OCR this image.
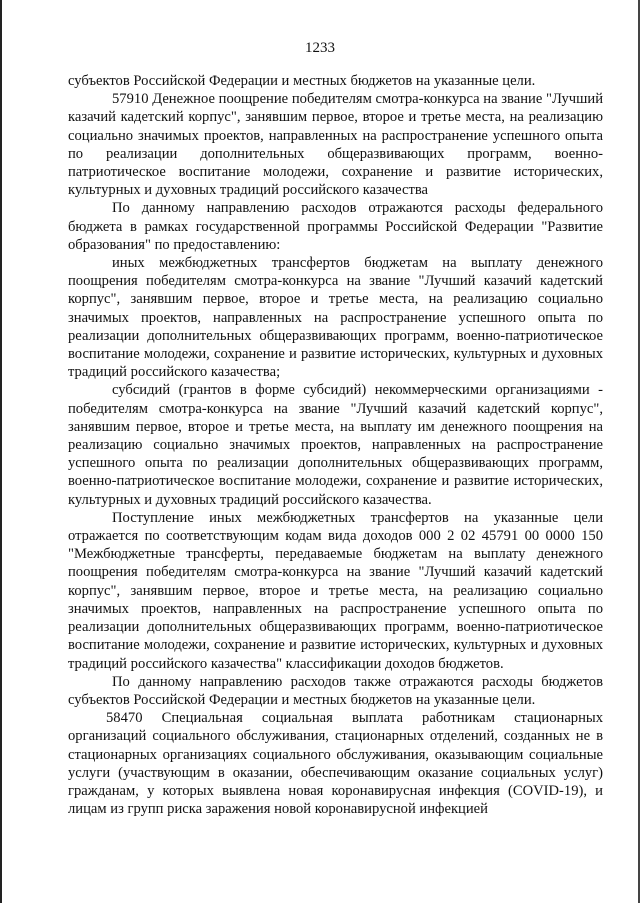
1233

субъектов Российской Федерации и местных бюджетов на указанные цели.

57910 Денежное поощрение победителям смотра-конкурса на звание "Лучший казачий кадетский корпус", занявшим первое, второе и третье места, на реализацию социально значимых проектов, направленных на распространение успешного опыта по реализации дополнительных общеразвивающих программ, военно-патриотическое воспитание молодежи, сохранение и развитие исторических, культурных и духовных традиций российского казачества

По данному направлению расходов отражаются расходы федерального бюджета в рамках государственной программы Российской Федерации "Развитие образования" по предоставлению:

иных межбюджетных трансфертов бюджетам на выплату денежного поощрения победителям смотра-конкурса на звание "Лучший казачий кадетский корпус", занявшим первое, второе и третье места, на реализацию социально значимых проектов, направленных на распространение успешного опыта по реализации дополнительных общеразвивающих программ, военно-патриотическое воспитание молодежи, сохранение и развитие исторических, культурных и духовных традиций российского казачества;

субсидий (грантов в форме субсидий) некоммерческими организациями - победителям смотра-конкурса на звание "Лучший казачий кадетский корпус", занявшим первое, второе и третье места, на выплату им денежного поощрения на реализацию социально значимых проектов, направленных на распространение успешного опыта по реализации дополнительных общеразвивающих программ, военно-патриотическое воспитание молодежи, сохранение и развитие исторических, культурных и духовных традиций российского казачества.

Поступление иных межбюджетных трансфертов на указанные цели отражается по соответствующим кодам вида доходов 000 2 02 45791 00 0000 150 "Межбюджетные трансферты, передаваемые бюджетам на выплату денежного поощрения победителям смотра-конкурса на звание "Лучший казачий кадетский корпус", занявшим первое, второе и третье места, на реализацию социально значимых проектов, направленных на распространение успешного опыта по реализации дополнительных общеразвивающих программ, военно-патриотическое воспитание молодежи, сохранение и развитие исторических, культурных и духовных традиций российского казачества" классификации доходов бюджетов.

По данному направлению расходов также отражаются расходы бюджетов субъектов Российской Федерации и местных бюджетов на указанные цели.

58470 Специальная социальная выплата работникам стационарных организаций социального обслуживания, стационарных отделений, созданных не в стационарных организациях социального обслуживания, оказывающим социальные услуги (участвующим в оказании, обеспечивающим оказание социальных услуг) гражданам, у которых выявлена новая коронавирусная инфекция (COVID-19), и лицам из групп риска заражения новой коронавирусной инфекцией
